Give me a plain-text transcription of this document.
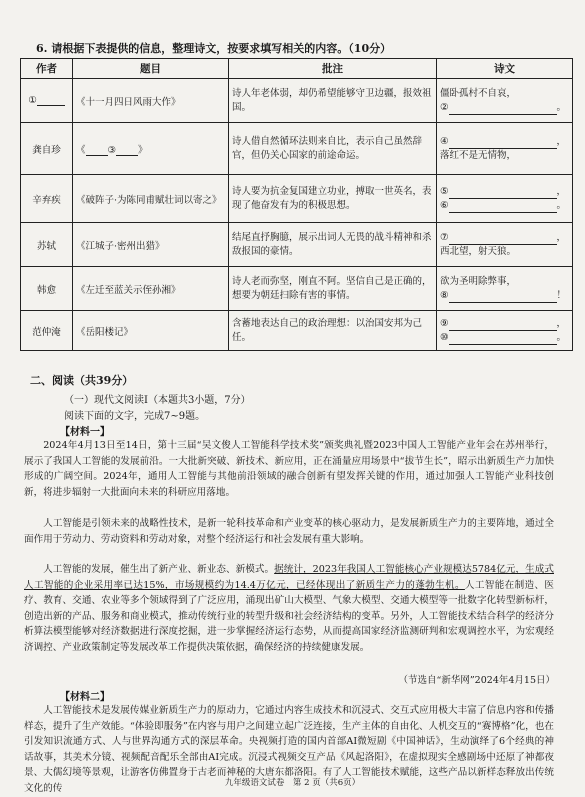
6. 请根据下表提供的信息，整理诗文，按要求填写相关的内容。（10分）
作者	题目	批注	诗文
①	《十一月四日风雨大作》	诗人年老体弱，却仍希望能够守卫边疆，报效祖国。	僵卧孤村不自哀，
② 。

龚自珍	《 ③ 》	诗人借自然循环法则来自比，表示自己虽然辞官，但仍关心国家的前途命运。	④ ，
落红不是无情物，

辛弃疾	《破阵子·为陈同甫赋壮词以寄之》	诗人要为抗金复国建立功业，搏取一世英名，表现了他奋发有为的积极思想。	⑤ ，
⑥ 。

苏轼	《江城子·密州出猎》	结尾直抒胸臆，展示出词人无畏的战斗精神和杀敌报国的豪情。	⑦ ，
西北望，射天狼。

韩愈	《左迁至蓝关示侄孙湘》	诗人老而弥坚，刚直不阿。坚信自己是正确的，想要为朝廷扫除有害的事情。	欲为圣明除弊事，
⑧ ！

范仲淹	《岳阳楼记》	含蓄地表达自己的政治理想：以治国安邦为己任。	⑨ ，
⑩ 。
二、阅读（共39分）
（一）现代文阅读Ⅰ（本题共3小题，7分）
阅读下面的文字，完成7~9题。
【材料一】
2024年4月13日至14日，第十三届“吴文俊人工智能科学技术奖”颁奖典礼暨2023中国人工智能产业年会在苏州举行，展示了我国人工智能的发展前沿。一大批新突破、新技术、新应用，正在涌量应用场景中“拔节生长”，昭示出新质生产力加快形成的广阔空间。2024年，通用人工智能与其他前沿领域的融合创新有望发挥关键的作用，通过加强人工智能产业科技创新，将进步辐射一大批面向未来的科研应用落地。
人工智能是引领未来的战略性技术，是新一轮科技革命和产业变革的核心驱动力，是发展新质生产力的主要阵地，通过全面作用于劳动力、劳动资料和劳动对象，对整个经济运行和社会发展有重大影响。
人工智能的发展，催生出了新产业、新业态、新模式。据统计，2023年我国人工智能核心产业规模达5784亿元，生成式人工智能的企业采用率已达15%，市场规模约为14.4万亿元，已经体现出了新质生产力的蓬勃生机。人工智能在制造、医疗、教育、交通、农业等多个领域得到了广泛应用，涌现出矿山大模型、气象大模型、交通大模型等一批数字化转型新标杆，创造出新的产品、服务和商业模式，推动传统行业的转型升级和社会经济结构的变革。另外，人工智能技术结合科学的经济分析算法模型能够对经济数据进行深度挖掘，进一步掌握经济运行态势，从而提高国家经济监测研判和宏观调控水平，为宏观经济调控、产业政策制定等发展改革工作提供决策依据，确保经济的持续健康发展。
（节选自“新华网”2024年4月15日）
【材料二】
人工智能技术是发展传媒业新质生产力的原动力，它通过内容生成技术和沉浸式、交互式应用极大丰富了信息内容和传播样态，提升了生产效能。“体验即服务”在内容与用户之间建立起广泛连接，生产主体的自由化、人机交互的“赛博格”化，也在引发知识流通方式、人与世界沟通方式的深层革命。央视频打造的国内首部AI微短剧《中国神话》，生动演绎了6个经典的神话故事，其美术分镜、视频配音配乐全部由AI完成。沉浸式视频交互产品《风起洛阳》，在虚拟现实全感剧场中还原了神都夜景、大儒幻境等景观，让游客仿佛置身于古老而神秘的大唐东都洛阳。有了人工智能技术赋能，这些产品以新样态释放出传统文化的传	九年级语文试卷　第 2 页（共6页）
